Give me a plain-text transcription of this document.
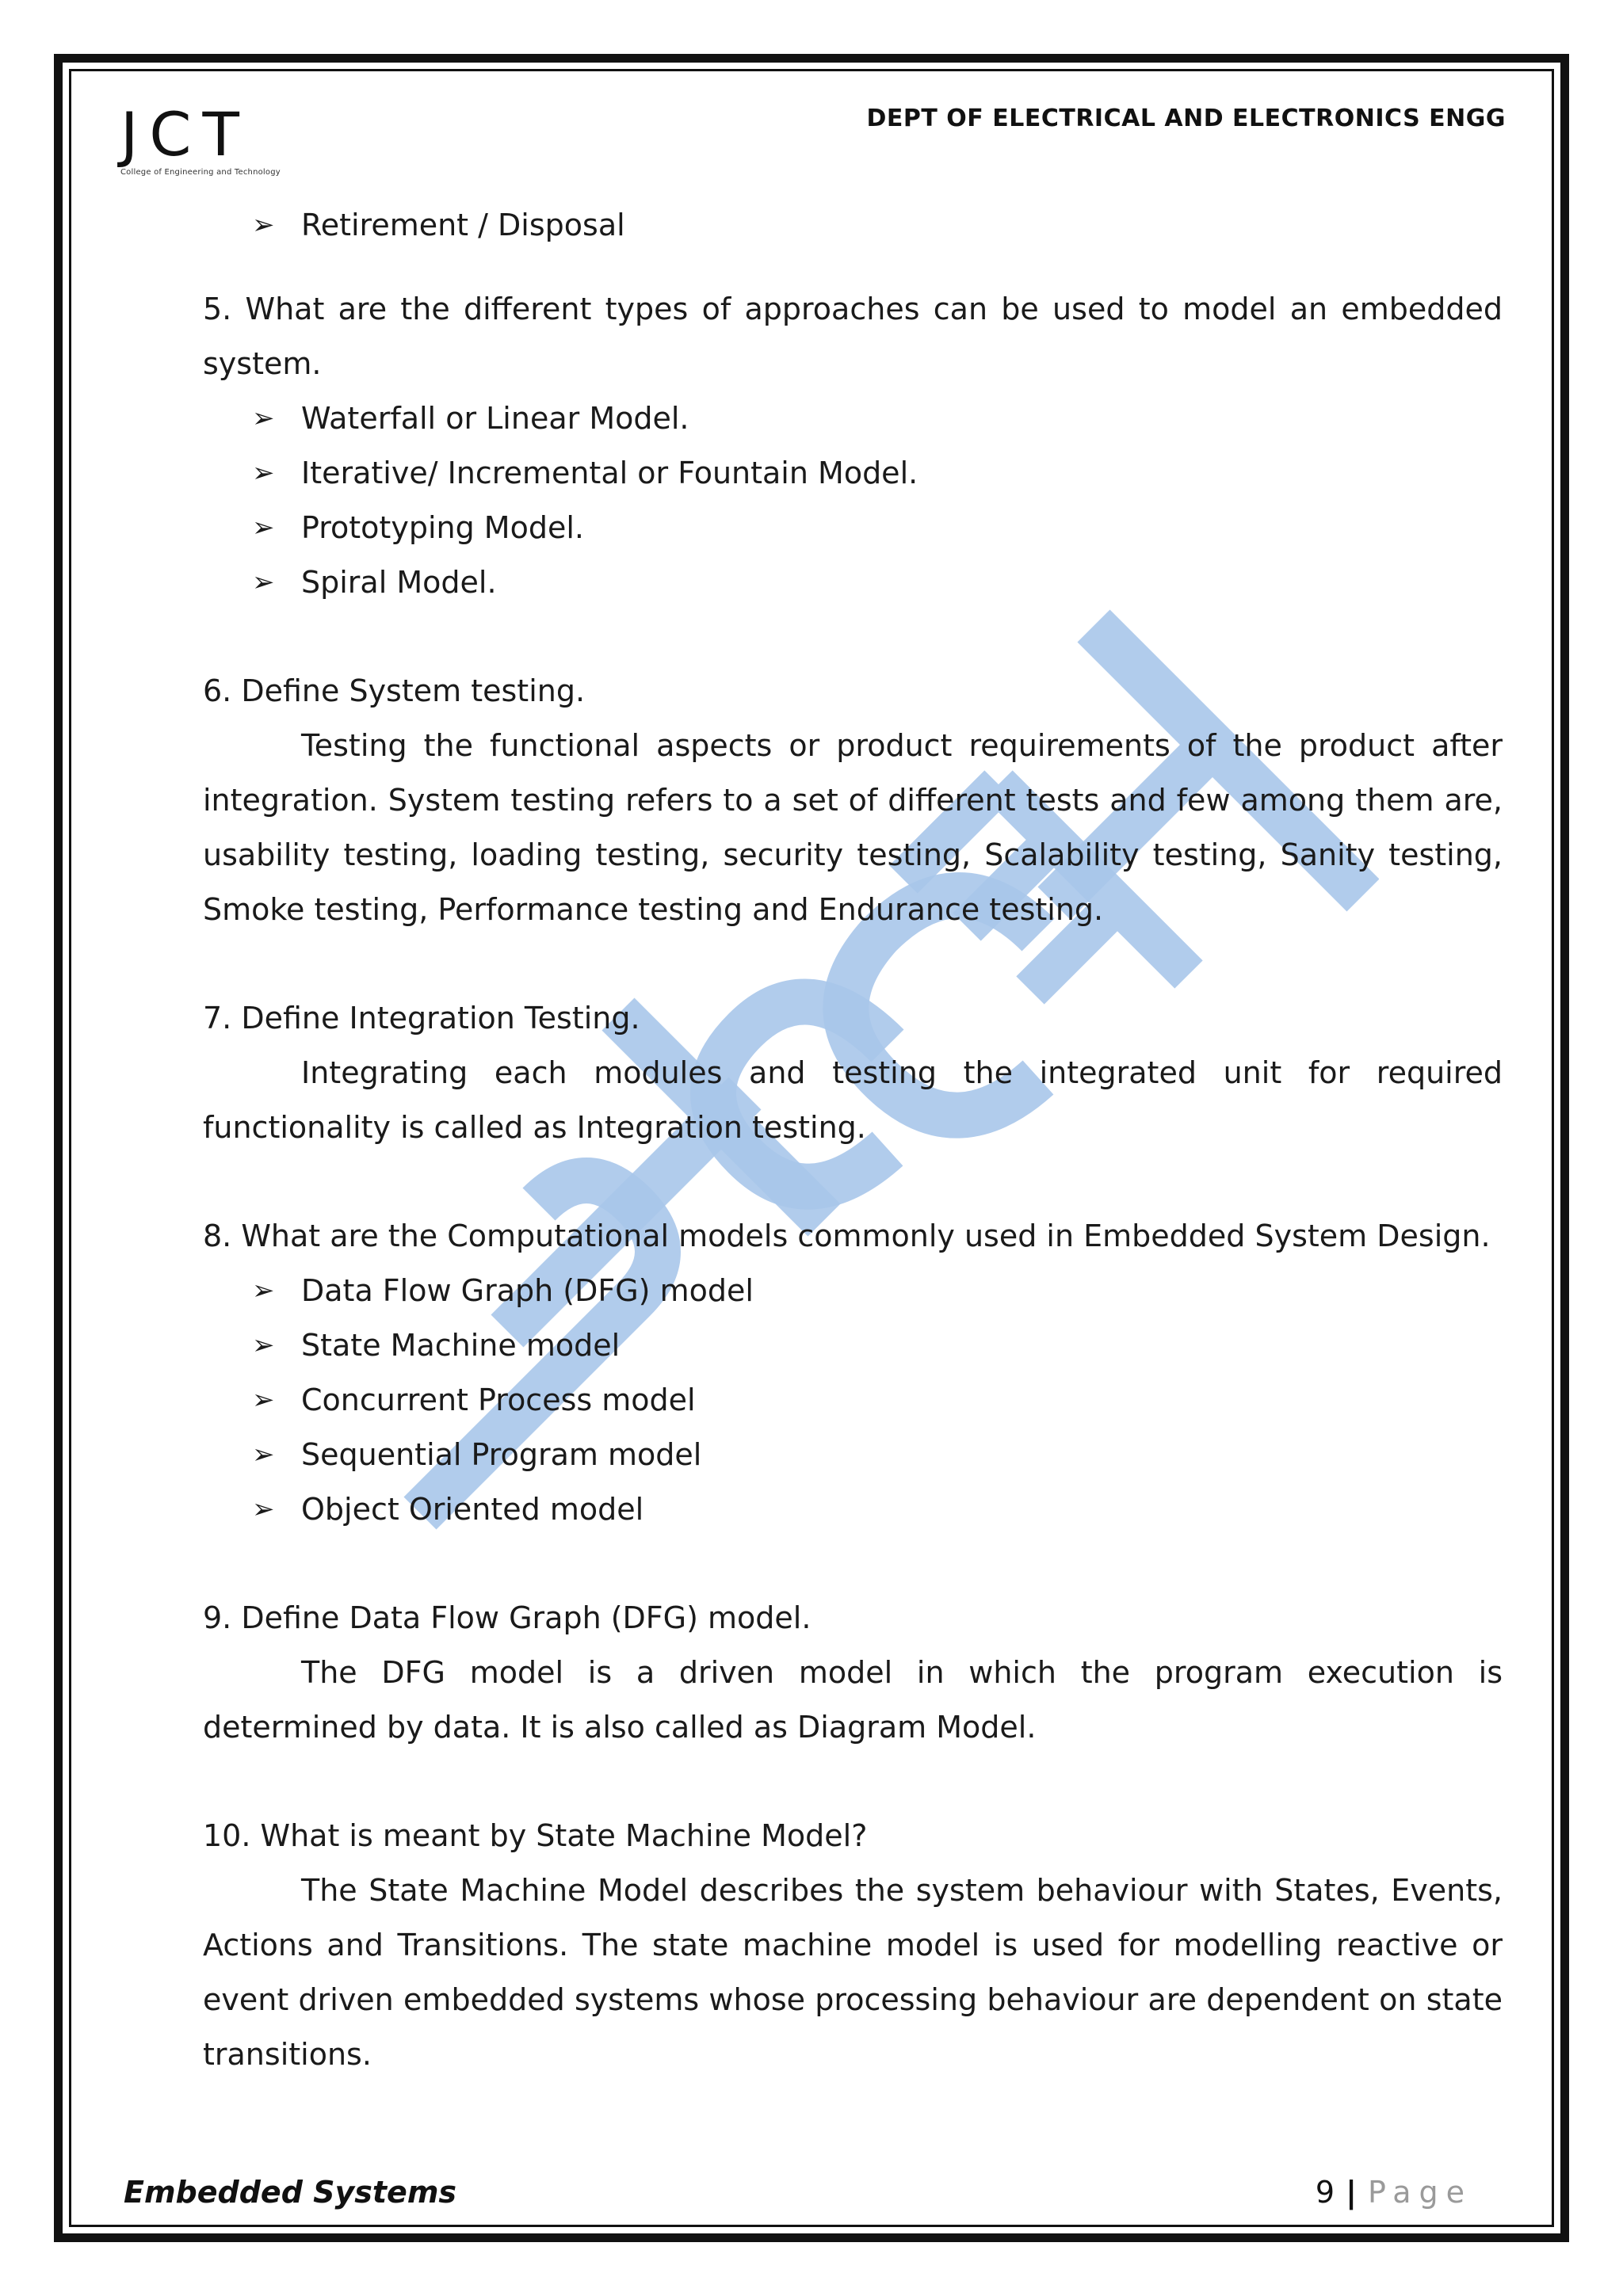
JCT
College of Engineering and Technology
DEPT OF ELECTRICAL AND ELECTRONICS ENGG
➢ Retirement / Disposal

5. What are the different types of approaches can be used to model an embedded system.

➢ Waterfall or Linear Model.
➢ Iterative/ Incremental or Fountain Model.
➢ Prototyping Model.
➢ Spiral Model.

6. Define System testing.

Testing the functional aspects or product requirements of the product after integration. System testing refers to a set of different tests and few among them are, usability testing, loading testing, security testing, Scalability testing, Sanity testing, Smoke testing, Performance testing and Endurance testing.

7. Define Integration Testing.

Integrating each modules and testing the integrated unit for required functionality is called as Integration testing.

8. What are the Computational models commonly used in Embedded System Design.

➢ Data Flow Graph (DFG) model
➢ State Machine model
➢ Concurrent Process model
➢ Sequential Program model
➢ Object Oriented model

9. Define Data Flow Graph (DFG) model.

The DFG model is a driven model in which the program execution is determined by data. It is also called as Diagram Model.

10. What is meant by State Machine Model?

The State Machine Model describes the system behaviour with States, Events, Actions and Transitions. The state machine model is used for modelling reactive or event driven embedded systems whose processing behaviour are dependent on state transitions.

Embedded Systems	9 | Page
